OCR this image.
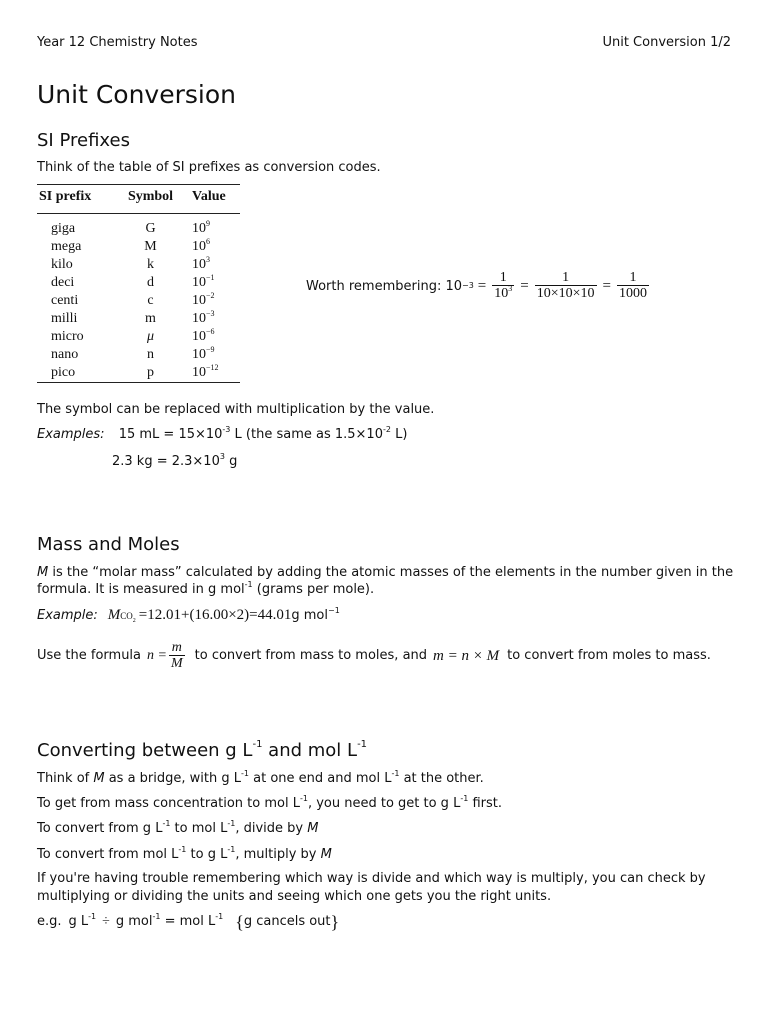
Year 12 Chemistry Notes	Unit Conversion 1/2
Unit Conversion
SI Prefixes
Think of the table of SI prefixes as conversion codes.
SI prefix	Symbol	Value
giga	G	$10^9$
mega	M	$10^6$
kilo	k	$10^3$
deci	d	$10^{-1}$
centi	c	$10^{-2}$
milli	m	$10^{-3}$
micro	μ	$10^{-6}$
nano	n	$10^{-9}$
pico	p	$10^{-12}$
Worth remembering: $10 -3 = \frac{1}{10^3} = \frac{1}{10\times 10\times 10} = \frac{1}{1000}$
The symbol can be replaced with multiplication by the value.
Examples: 15 mL = $15\times 10^{-3}$ L (the same as $1.5\times 10^{-2}$ L)
2.3 kg = $2.3\times 10^3$ g
Mass and Moles
M is the “molar mass” calculated by adding the atomic masses of the elements in the number given in the
formula. It is measured in g mol$^{-1}$ (grams per mole).
Example: M $_{CO_2}$ =12.01+(16.00×2)=44.01 g mol$^{-1}$
Use the formula $n = \frac{m}{M}$ to convert from mass to moles, and m = n × M to convert from moles to mass.
Converting between g $L^{-1}$ and mol $L^{-1}$
Think of M as a bridge, with g $L^{-1}$ at one end and mol $L^{-1}$ at the other.
To get from mass concentration to mol $L^{-1}$, you need to get to g $L^{-1}$ first.
To convert from g $L^{-1}$ to mol $L^{-1}$, divide by M
To convert from mol $L^{-1}$ to g $L^{-1}$, multiply by M
If you're having trouble remembering which way is divide and which way is multiply, you can check by
multiplying or dividing the units and seeing which one gets you the right units.
e.g. g $L^{-1} \div g$ mol$^{-1}$ = mol $L^{-1}$ { g cancels out }
